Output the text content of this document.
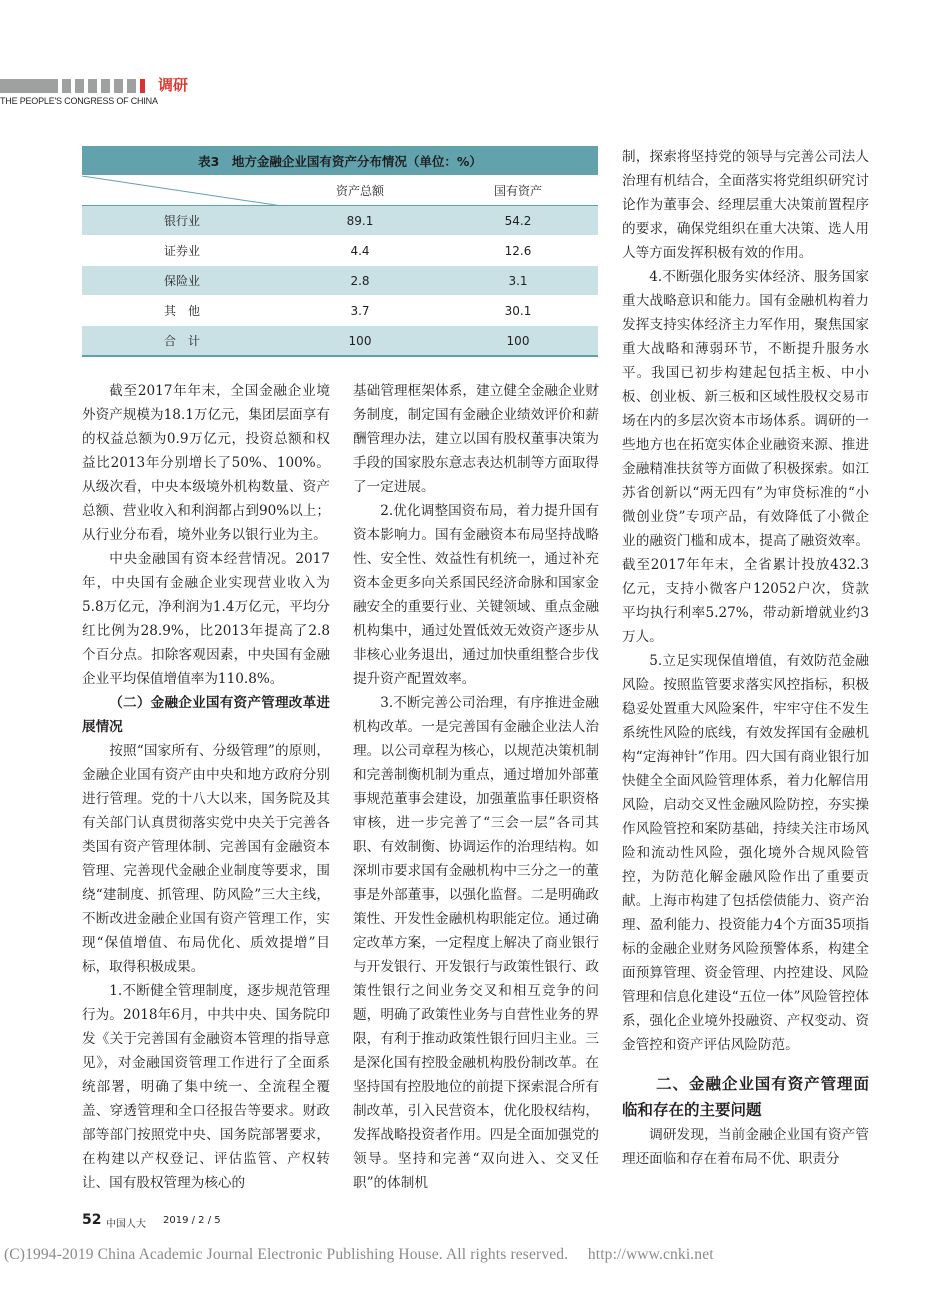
调研
THE PEOPLE'S CONGRESS OF CHINA
表3　地方金融企业国有资产分布情况（单位：%）		

	资产总额	国有资产
银行业	89.1	54.2
证券业	4.4	12.6
保险业	2.8	3.1
其　他	3.7	30.1
合　计	100	100

截至2017年年末，全国金融企业境外资产规模为18.1万亿元，集团层面享有的权益总额为0.9万亿元，投资总额和权益比2013年分别增长了50%、100%。从级次看，中央本级境外机构数量、资产总额、营业收入和利润都占到90%以上；从行业分布看，境外业务以银行业为主。

中央金融国有资本经营情况。2017年，中央国有金融企业实现营业收入为5.8万亿元，净利润为1.4万亿元，平均分红比例为28.9%，比2013年提高了2.8个百分点。扣除客观因素，中央国有金融企业平均保值增值率为110.8%。

（二）金融企业国有资产管理改革进展情况

按照“国家所有、分级管理”的原则，金融企业国有资产由中央和地方政府分别进行管理。党的十八大以来，国务院及其有关部门认真贯彻落实党中央关于完善各类国有资产管理体制、完善国有金融资本管理、完善现代金融企业制度等要求，围绕“建制度、抓管理、防风险”三大主线，不断改进金融企业国有资产管理工作，实现“保值增值、布局优化、质效提增”目标，取得积极成果。

1.不断健全管理制度，逐步规范管理行为。2018年6月，中共中央、国务院印发《关于完善国有金融资本管理的指导意见》，对金融国资管理工作进行了全面系统部署，明确了集中统一、全流程全覆盖、穿透管理和全口径报告等要求。财政部等部门按照党中央、国务院部署要求，在构建以产权登记、评估监管、产权转让、国有股权管理为核心的

基础管理框架体系，建立健全金融企业财务制度，制定国有金融企业绩效评价和薪酬管理办法，建立以国有股权董事决策为手段的国家股东意志表达机制等方面取得了一定进展。

2.优化调整国资布局，着力提升国有资本影响力。国有金融资本布局坚持战略性、安全性、效益性有机统一，通过补充资本金更多向关系国民经济命脉和国家金融安全的重要行业、关键领域、重点金融机构集中，通过处置低效无效资产逐步从非核心业务退出，通过加快重组整合步伐提升资产配置效率。

3.不断完善公司治理，有序推进金融机构改革。一是完善国有金融企业法人治理。以公司章程为核心，以规范决策机制和完善制衡机制为重点，通过增加外部董事规范董事会建设，加强董监事任职资格审核，进一步完善了“三会一层”各司其职、有效制衡、协调运作的治理结构。如深圳市要求国有金融机构中三分之一的董事是外部董事，以强化监督。二是明确政策性、开发性金融机构职能定位。通过确定改革方案，一定程度上解决了商业银行与开发银行、开发银行与政策性银行、政策性银行之间业务交叉和相互竞争的问题，明确了政策性业务与自营性业务的界限，有利于推动政策性银行回归主业。三是深化国有控股金融机构股份制改革。在坚持国有控股地位的前提下探索混合所有制改革，引入民营资本，优化股权结构，发挥战略投资者作用。四是全面加强党的领导。坚持和完善“双向进入、交叉任职”的体制机

制，探索将坚持党的领导与完善公司法人治理有机结合，全面落实将党组织研究讨论作为董事会、经理层重大决策前置程序的要求，确保党组织在重大决策、选人用人等方面发挥积极有效的作用。

4.不断强化服务实体经济、服务国家重大战略意识和能力。国有金融机构着力发挥支持实体经济主力军作用，聚焦国家重大战略和薄弱环节，不断提升服务水平。我国已初步构建起包括主板、中小板、创业板、新三板和区域性股权交易市场在内的多层次资本市场体系。调研的一些地方也在拓宽实体企业融资来源、推进金融精准扶贫等方面做了积极探索。如江苏省创新以“两无四有”为审贷标准的“小微创业贷”专项产品，有效降低了小微企业的融资门槛和成本，提高了融资效率。截至2017年年末，全省累计投放432.3亿元，支持小微客户12052户次，贷款平均执行利率5.27%，带动新增就业约3万人。

5.立足实现保值增值，有效防范金融风险。按照监管要求落实风控指标，积极稳妥处置重大风险案件，牢牢守住不发生系统性风险的底线，有效发挥国有金融机构“定海神针”作用。四大国有商业银行加快健全全面风险管理体系，着力化解信用风险，启动交叉性金融风险防控，夯实操作风险管控和案防基础，持续关注市场风险和流动性风险，强化境外合规风险管控，为防范化解金融风险作出了重要贡献。上海市构建了包括偿债能力、资产治理、盈利能力、投资能力4个方面35项指标的金融企业财务风险预警体系，构建全面预算管理、资金管理、内控建设、风险管理和信息化建设“五位一体”风险管控体系，强化企业境外投融资、产权变动、资金管控和资产评估风险防范。

二、金融企业国有资产管理面临和存在的主要问题

调研发现，当前金融企业国有资产管理还面临和存在着布局不优、职责分

52 中国人大 2019 / 2 / 5
(C)1994-2019 China Academic Journal Electronic Publishing House. All rights reserved.　 http://www.cnki.net
